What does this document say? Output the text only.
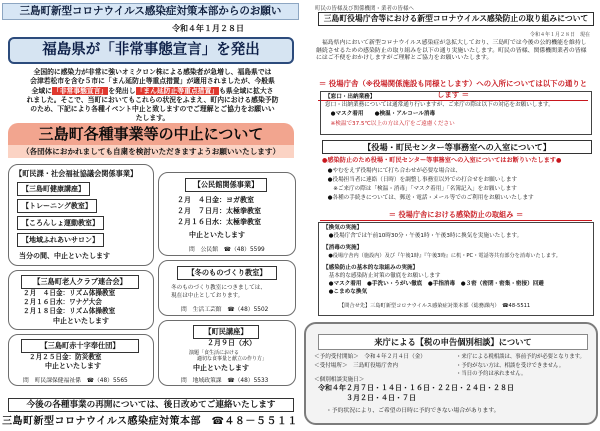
三島町新型コロナウイルス感染症対策本部からのお願い
令和４年１月２８日
福島県が「非常事態宣言」を発出
全国的に感染力が非常に強いオミクロン株による感染者が急増し、福島県では
会津若松市を含む５市に「まん延防止等重点措置」が適用されましたが、今般県
全域に「非常事態宣言」を発出し「まん延防止等重点措置」も県全域に拡大さ
れました。そこで、当町においてもこれらの状況をふまえ、町内における感染予防
のため、下記により各種イベント中止と致しますのでご理解とご協力をお願いい
たします。
三島町各種事業等の中止について
（各団体におかれましても自粛を検討いただきますようお願いいたします）
【町民課・社会福祉協議会関係事業】
【三島町健康講座】
【トレーニング教室】
【ころんしょ運動教室】
【地域ふれあいサロン】
当分の間、中止といたします
【公民館関係事業】
２月　４日金：ヨガ教室
２月　７日月：太極拳教室
２月１６日水：太極拳教室
中止といたします
問　公民館　☎（48）5599
【三島町老人クラブ連合会】
２月　４日金：リズム体操教室
２月１６日水：ワナゲ大会
２月１８日金：リズム体操教室
中止といたします
【冬のものづくり教室】
冬のものづくり教室につきましては、
現在は中止としております。
問　生活工芸館　☎（48）5502
【三島町赤十字奉仕団】
２月２５日金：防災教室
中止といたします
問　町民課保健福祉係　☎（48）5565
【町民講座】
２月９日（水）
演題「食生活における
適切な食事量と献立の作り方」
中止といたします
問　地域政策課　☎（48）5533
今後の各種事業の再開については、後日改めてご連絡いたします
三島町新型コロナウイルス感染症対策本部　☎４８－５５１１
町民の皆様及び関係機関・業者の皆様へ
三島町役場庁舎等における新型コロナウイルス感染防止の取り組みについて
令和４年１月２８日　現在
　福島県内において新型コロナウイルス感染症が急拡大しており、三島町では今後の公的機能を維持し
継続させるための感染防止の取り組みを以下の通り実施いたします。町民の皆様、関係機関業者の皆様
にはご不便をおかけしますがご理解とご協力をお願いいたします。
＝ 役場庁舎（※役場関係施設も同様とします）への入所については以下の通りとします ＝
【窓口・出納業務】
窓口・出納業務については通常通り行いますが、ご来庁の際は以下の対応をお願いします。
　●マスク着用　　●検温・アルコール消毒
　※検温で37.5℃以上の方は入庁をご遠慮ください
【役場・町民センター等事務室への入室について】
●感染防止のため役場・町民センター等事務室への入室についてはお断りいたします●
　●やむをえず役場内にて打ち合わせが必要な場合は、
　●役場担当者に連絡（日時）を調整し事務室以外での打合せをお願いします
　　※ご来庁の際は「検温・消毒」「マスク着用」「名簿記入」をお願いします
　●各種の手続きについては、郵送・電話・メール等でのご利用をお願いいたします
＝ 役場庁舎における感染防止の取組み ＝
【換気の実施】
　●役場庁舎では午前10時30分・午後1時・午後3時に換気を実施いたします。
【消毒の実施】
　●役場庁舎内（施設内）及び『午後1時』『午後3時』に机・PC・電話等共有部分を消毒いたします。
【感染防止の基本的な取組みの実施】
　基本的な感染防止対策の徹底をお願いします
　●マスク着用　●手洗い・うがい徹底　●手指消毒　●３密（密閉・密集・密接）回避
　●こまめな換気
【問合せ先】三島町新型コロナウイルス感染症対策本部（総務課内）　☎48-5511
来庁による【税の申告個別相談】について
＜予約受付開始＞　令和４年２月４日（金）	・来庁による税相談は、事前予約が必要となります。
＜受付場所＞　三島町役場庁舎内	・予約がない方は、相談を受けできません。
・当日の予約は承れません。
＜個別相談実施日＞
令和４年２月７日・１４日・１６日・２２日・２４日・２８日
　　　　３月２日・４日・７日
・予約状況により、ご希望の日時に予約できない場合があります。
